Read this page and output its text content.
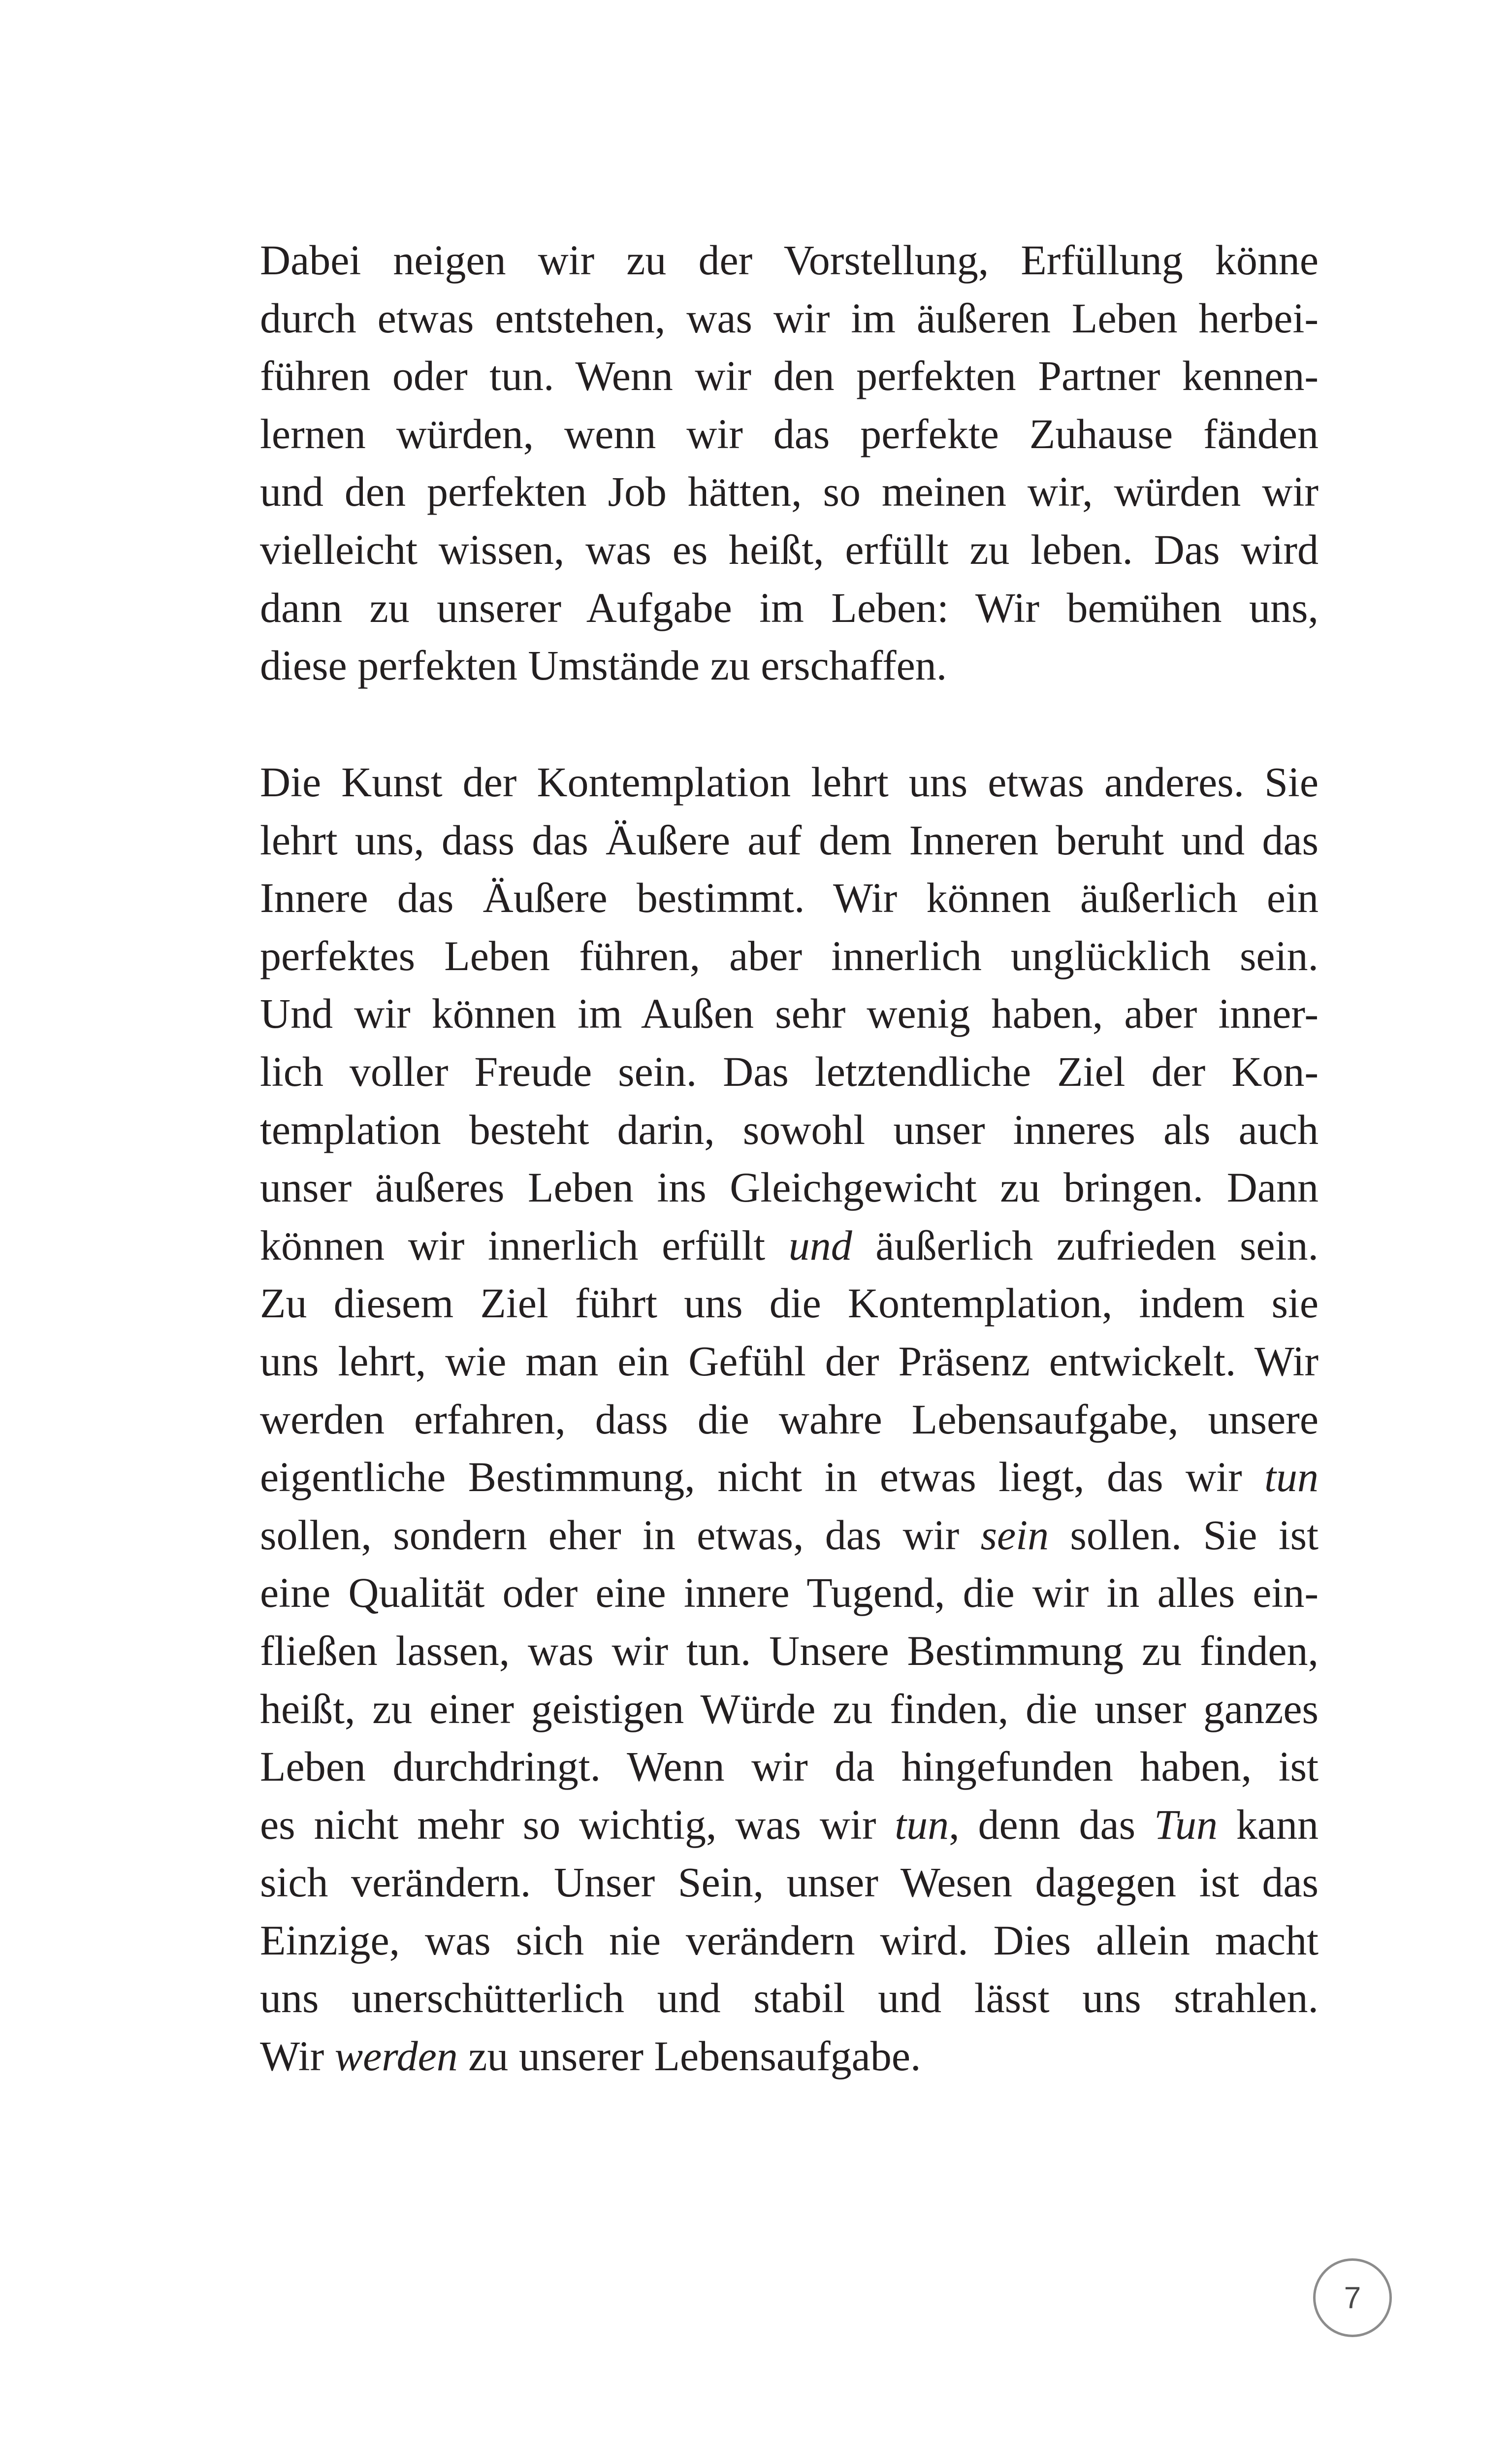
Dabei neigen wir zu der Vorstellung, Erfüllung könne
durch etwas entstehen, was wir im äußeren Leben herbei-
führen oder tun. Wenn wir den perfekten Partner kennen-
lernen würden, wenn wir das perfekte Zuhause fänden
und den perfekten Job hätten, so meinen wir, würden wir
vielleicht wissen, was es heißt, erfüllt zu leben. Das wird
dann zu unserer Aufgabe im Leben: Wir bemühen uns,
diese perfekten Umstände zu erschaffen.
Die Kunst der Kontemplation lehrt uns etwas anderes. Sie
lehrt uns, dass das Äußere auf dem Inneren beruht und das
Innere das Äußere bestimmt. Wir können äußerlich ein
perfektes Leben führen, aber innerlich unglücklich sein.
Und wir können im Außen sehr wenig haben, aber inner-
lich voller Freude sein. Das letztendliche Ziel der Kon-
templation besteht darin, sowohl unser inneres als auch
unser äußeres Leben ins Gleichgewicht zu bringen. Dann
können wir innerlich erfüllt und äußerlich zufrieden sein.
Zu diesem Ziel führt uns die Kontemplation, indem sie
uns lehrt, wie man ein Gefühl der Präsenz entwickelt. Wir
werden erfahren, dass die wahre Lebensaufgabe, unsere
eigentliche Bestimmung, nicht in etwas liegt, das wir tun
sollen, sondern eher in etwas, das wir sein sollen. Sie ist
eine Qualität oder eine innere Tugend, die wir in alles ein-
fließen lassen, was wir tun. Unsere Bestimmung zu finden,
heißt, zu einer geistigen Würde zu finden, die unser ganzes
Leben durchdringt. Wenn wir da hingefunden haben, ist
es nicht mehr so wichtig, was wir tun, denn das Tun kann
sich verändern. Unser Sein, unser Wesen dagegen ist das
Einzige, was sich nie verändern wird. Dies allein macht
uns unerschütterlich und stabil und lässt uns strahlen.
Wir werden zu unserer Lebensaufgabe.
7
